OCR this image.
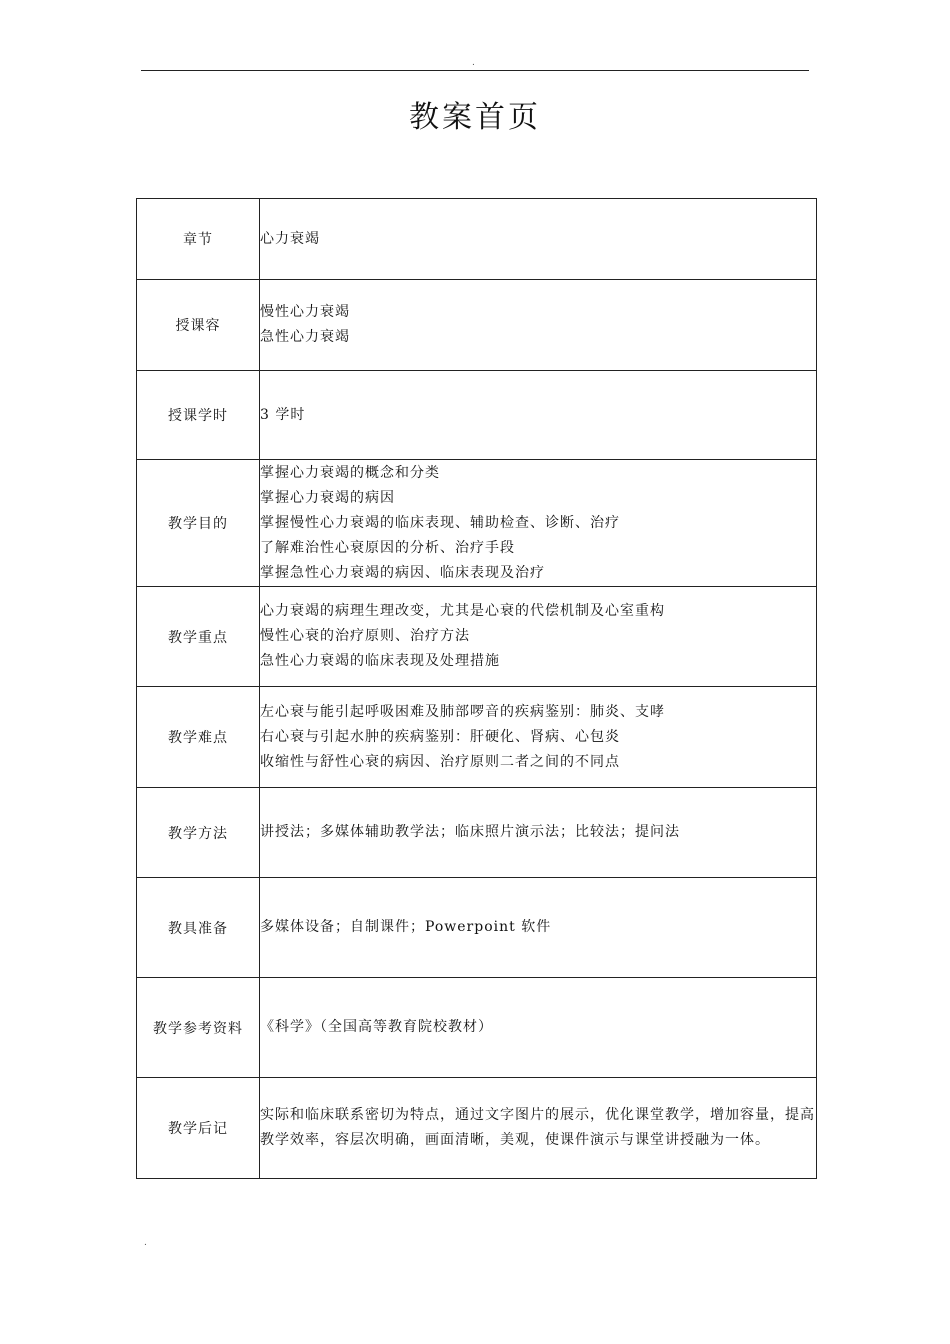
.
教案首页
章节	心力衰竭

授课容	慢性心力衰竭
急性心力衰竭

授课学时	3 学时

教学目的	掌握心力衰竭的概念和分类
掌握心力衰竭的病因
掌握慢性心力衰竭的临床表现、辅助检查、诊断、治疗
了解难治性心衰原因的分析、治疗手段
掌握急性心力衰竭的病因、临床表现及治疗

教学重点	心力衰竭的病理生理改变，尤其是心衰的代偿机制及心室重构
慢性心衰的治疗原则、治疗方法
急性心力衰竭的临床表现及处理措施

教学难点	左心衰与能引起呼吸困难及肺部啰音的疾病鉴别：肺炎、支哮
右心衰与引起水肿的疾病鉴别：肝硬化、肾病、心包炎
收缩性与舒性心衰的病因、治疗原则二者之间的不同点

教学方法	讲授法；多媒体辅助教学法；临床照片演示法；比较法；提问法

教具准备	多媒体设备；自制课件；Powerpoint 软件

教学参考资料	《科学》（全国高等教育院校教材）

教学后记	实际和临床联系密切为特点，通过文字图片的展示，优化课堂教学，增加容量，提高教学效率，容层次明确，画面清晰，美观，使课件演示与课堂讲授融为一体。
.
